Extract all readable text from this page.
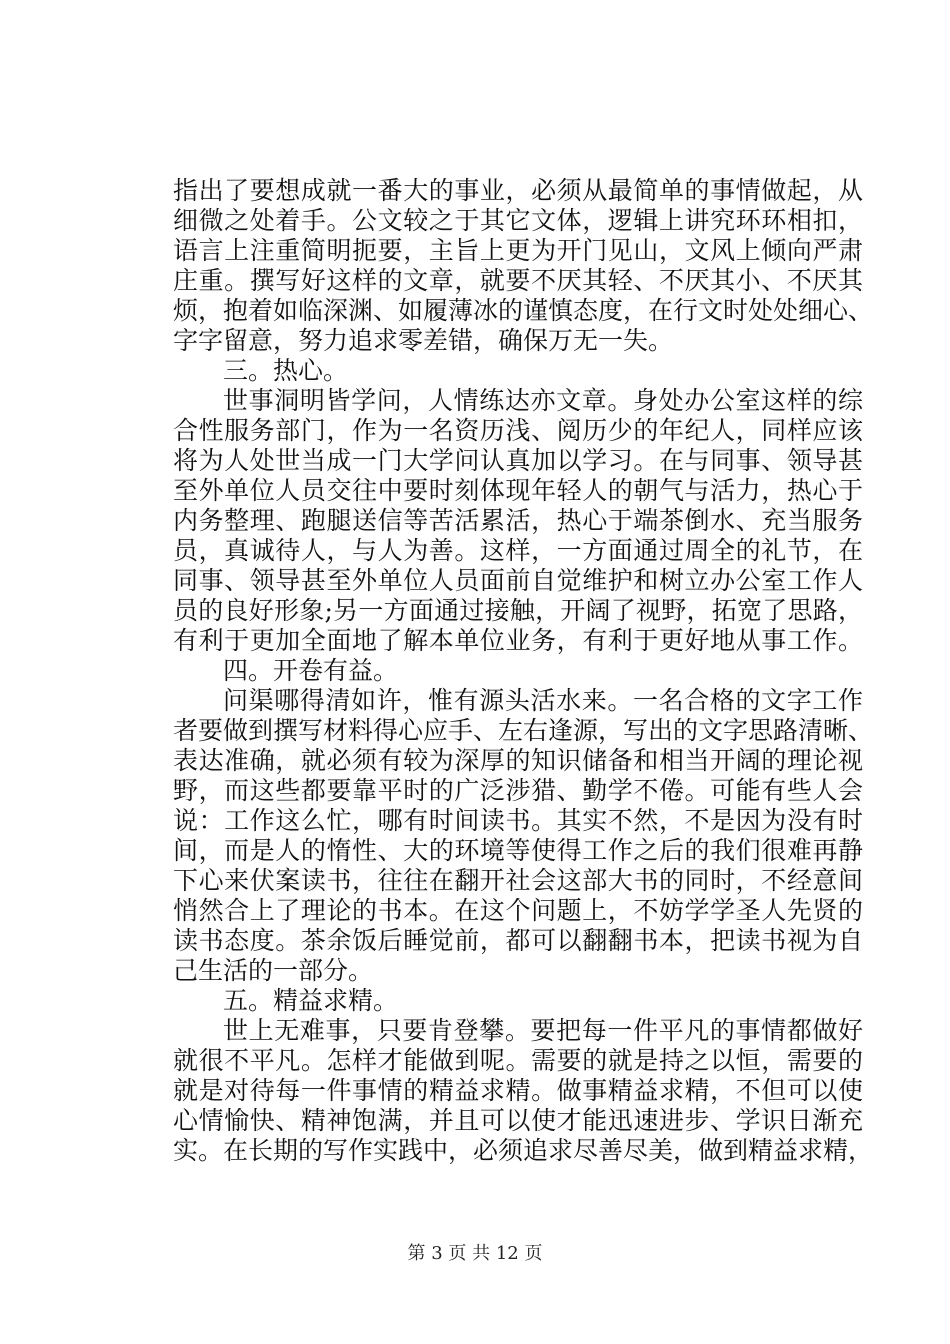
指出了要想成就一番大的事业，必须从最简单的事情做起，从
细微之处着手。公文较之于其它文体，逻辑上讲究环环相扣，
语言上注重简明扼要，主旨上更为开门见山，文风上倾向严肃
庄重。撰写好这样的文章，就要不厌其轻、不厌其小、不厌其
烦，抱着如临深渊、如履薄冰的谨慎态度，在行文时处处细心、
字字留意，努力追求零差错，确保万无一失。
三。热心。
世事洞明皆学问，人情练达亦文章。身处办公室这样的综
合性服务部门，作为一名资历浅、阅历少的年纪人，同样应该
将为人处世当成一门大学问认真加以学习。在与同事、领导甚
至外单位人员交往中要时刻体现年轻人的朝气与活力，热心于
内务整理、跑腿送信等苦活累活，热心于端茶倒水、充当服务
员，真诚待人，与人为善。这样，一方面通过周全的礼节，在
同事、领导甚至外单位人员面前自觉维护和树立办公室工作人
员的良好形象;另一方面通过接触，开阔了视野，拓宽了思路，
有利于更加全面地了解本单位业务，有利于更好地从事工作。
四。开卷有益。
问渠哪得清如许，惟有源头活水来。一名合格的文字工作
者要做到撰写材料得心应手、左右逢源，写出的文字思路清晰、
表达准确，就必须有较为深厚的知识储备和相当开阔的理论视
野，而这些都要靠平时的广泛涉猎、勤学不倦。可能有些人会
说：工作这么忙，哪有时间读书。其实不然，不是因为没有时
间，而是人的惰性、大的环境等使得工作之后的我们很难再静
下心来伏案读书，往往在翻开社会这部大书的同时，不经意间
悄然合上了理论的书本。在这个问题上，不妨学学圣人先贤的
读书态度。茶余饭后睡觉前，都可以翻翻书本，把读书视为自
己生活的一部分。
五。精益求精。
世上无难事，只要肯登攀。要把每一件平凡的事情都做好
就很不平凡。怎样才能做到呢。需要的就是持之以恒，需要的
就是对待每一件事情的精益求精。做事精益求精，不但可以使
心情愉快、精神饱满，并且可以使才能迅速进步、学识日渐充
实。在长期的写作实践中，必须追求尽善尽美，做到精益求精，
第 3 页 共 12 页
